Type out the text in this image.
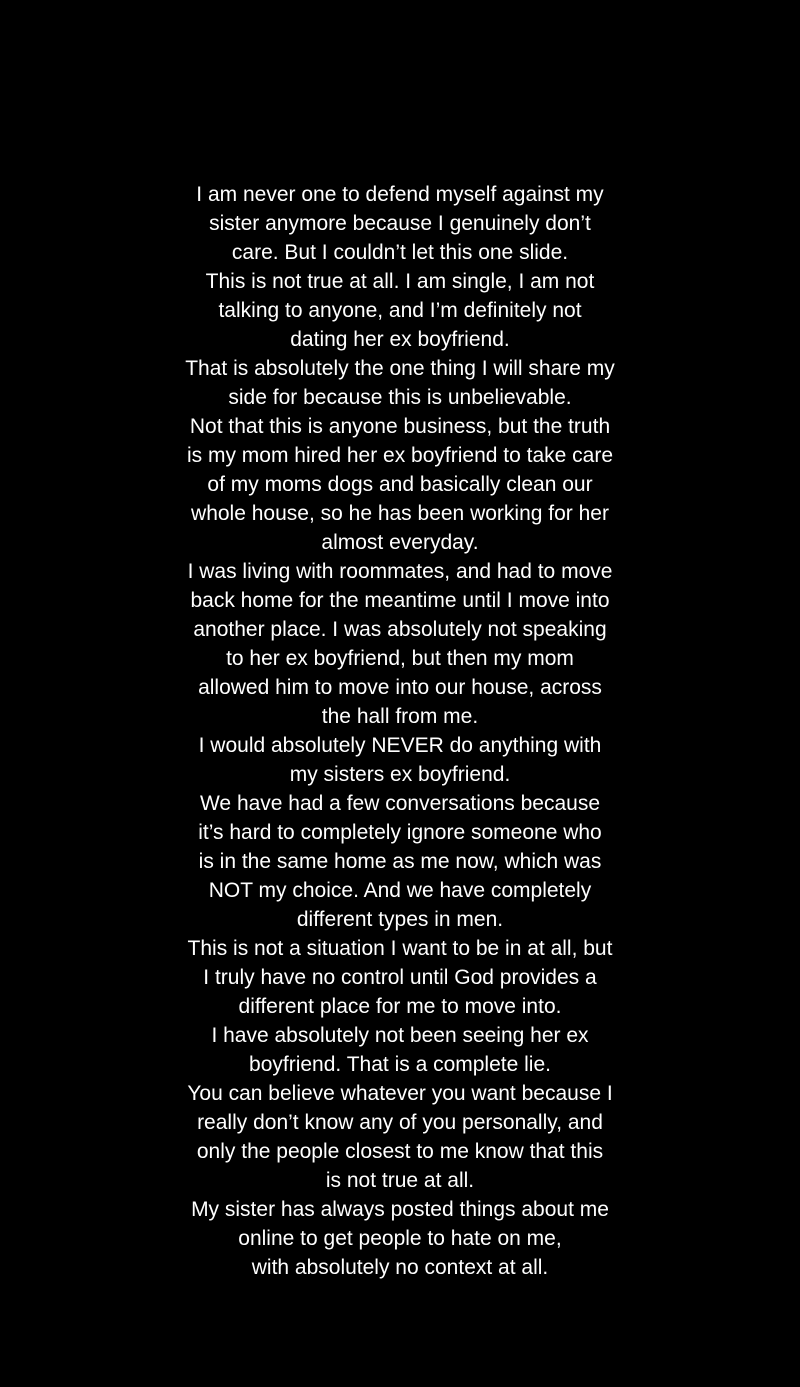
I am never one to defend myself against my
sister anymore because I genuinely don’t
care. But I couldn’t let this one slide.
This is not true at all. I am single, I am not
talking to anyone, and I’m definitely not
dating her ex boyfriend.
That is absolutely the one thing I will share my
side for because this is unbelievable.
Not that this is anyone business, but the truth
is my mom hired her ex boyfriend to take care
of my moms dogs and basically clean our
whole house, so he has been working for her
almost everyday.
I was living with roommates, and had to move
back home for the meantime until I move into
another place. I was absolutely not speaking
to her ex boyfriend, but then my mom
allowed him to move into our house, across
the hall from me.
I would absolutely NEVER do anything with
my sisters ex boyfriend.
We have had a few conversations because
it’s hard to completely ignore someone who
is in the same home as me now, which was
NOT my choice. And we have completely
different types in men.
This is not a situation I want to be in at all, but
I truly have no control until God provides a
different place for me to move into.
I have absolutely not been seeing her ex
boyfriend. That is a complete lie.
You can believe whatever you want because I
really don’t know any of you personally, and
only the people closest to me know that this
is not true at all.
My sister has always posted things about me
online to get people to hate on me,
with absolutely no context at all.
